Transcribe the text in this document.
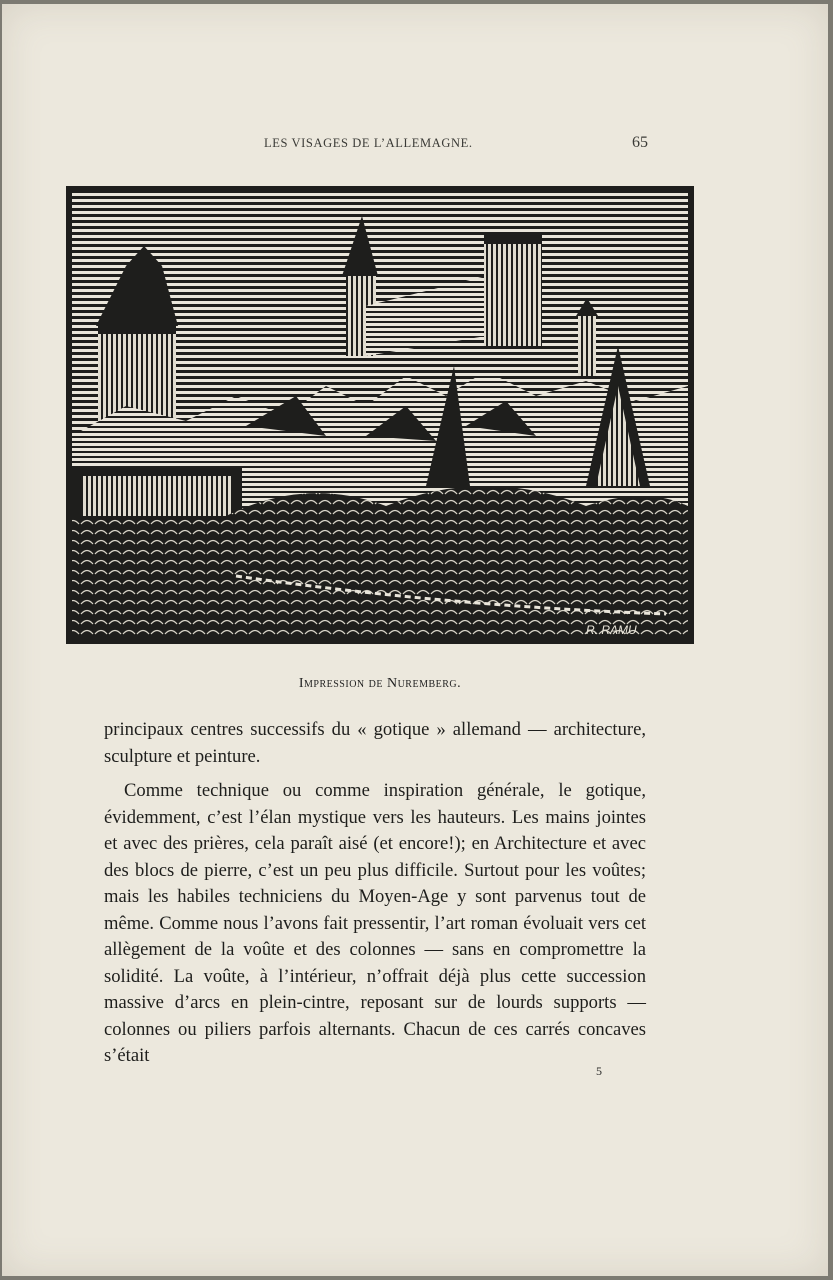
LES VISAGES DE L’ALLEMAGNE.	65
R. RAMU
Impression de Nuremberg.

principaux centres successifs du « gotique » allemand — architecture, sculpture et peinture.

Comme technique ou comme inspiration générale, le gotique, évidemment, c’est l’élan mystique vers les hauteurs. Les mains jointes et avec des prières, cela paraît aisé (et encore!); en Architecture et avec des blocs de pierre, c’est un peu plus difficile. Surtout pour les voûtes; mais les habiles techniciens du Moyen-Age y sont parvenus tout de même. Comme nous l’avons fait pressentir, l’art roman évoluait vers cet allègement de la voûte et des colonnes — sans en compromettre la solidité. La voûte, à l’intérieur, n’offrait déjà plus cette succession massive d’arcs en plein-cintre, reposant sur de lourds supports — colonnes ou piliers parfois alternants. Chacun de ces carrés concaves s’était

5
